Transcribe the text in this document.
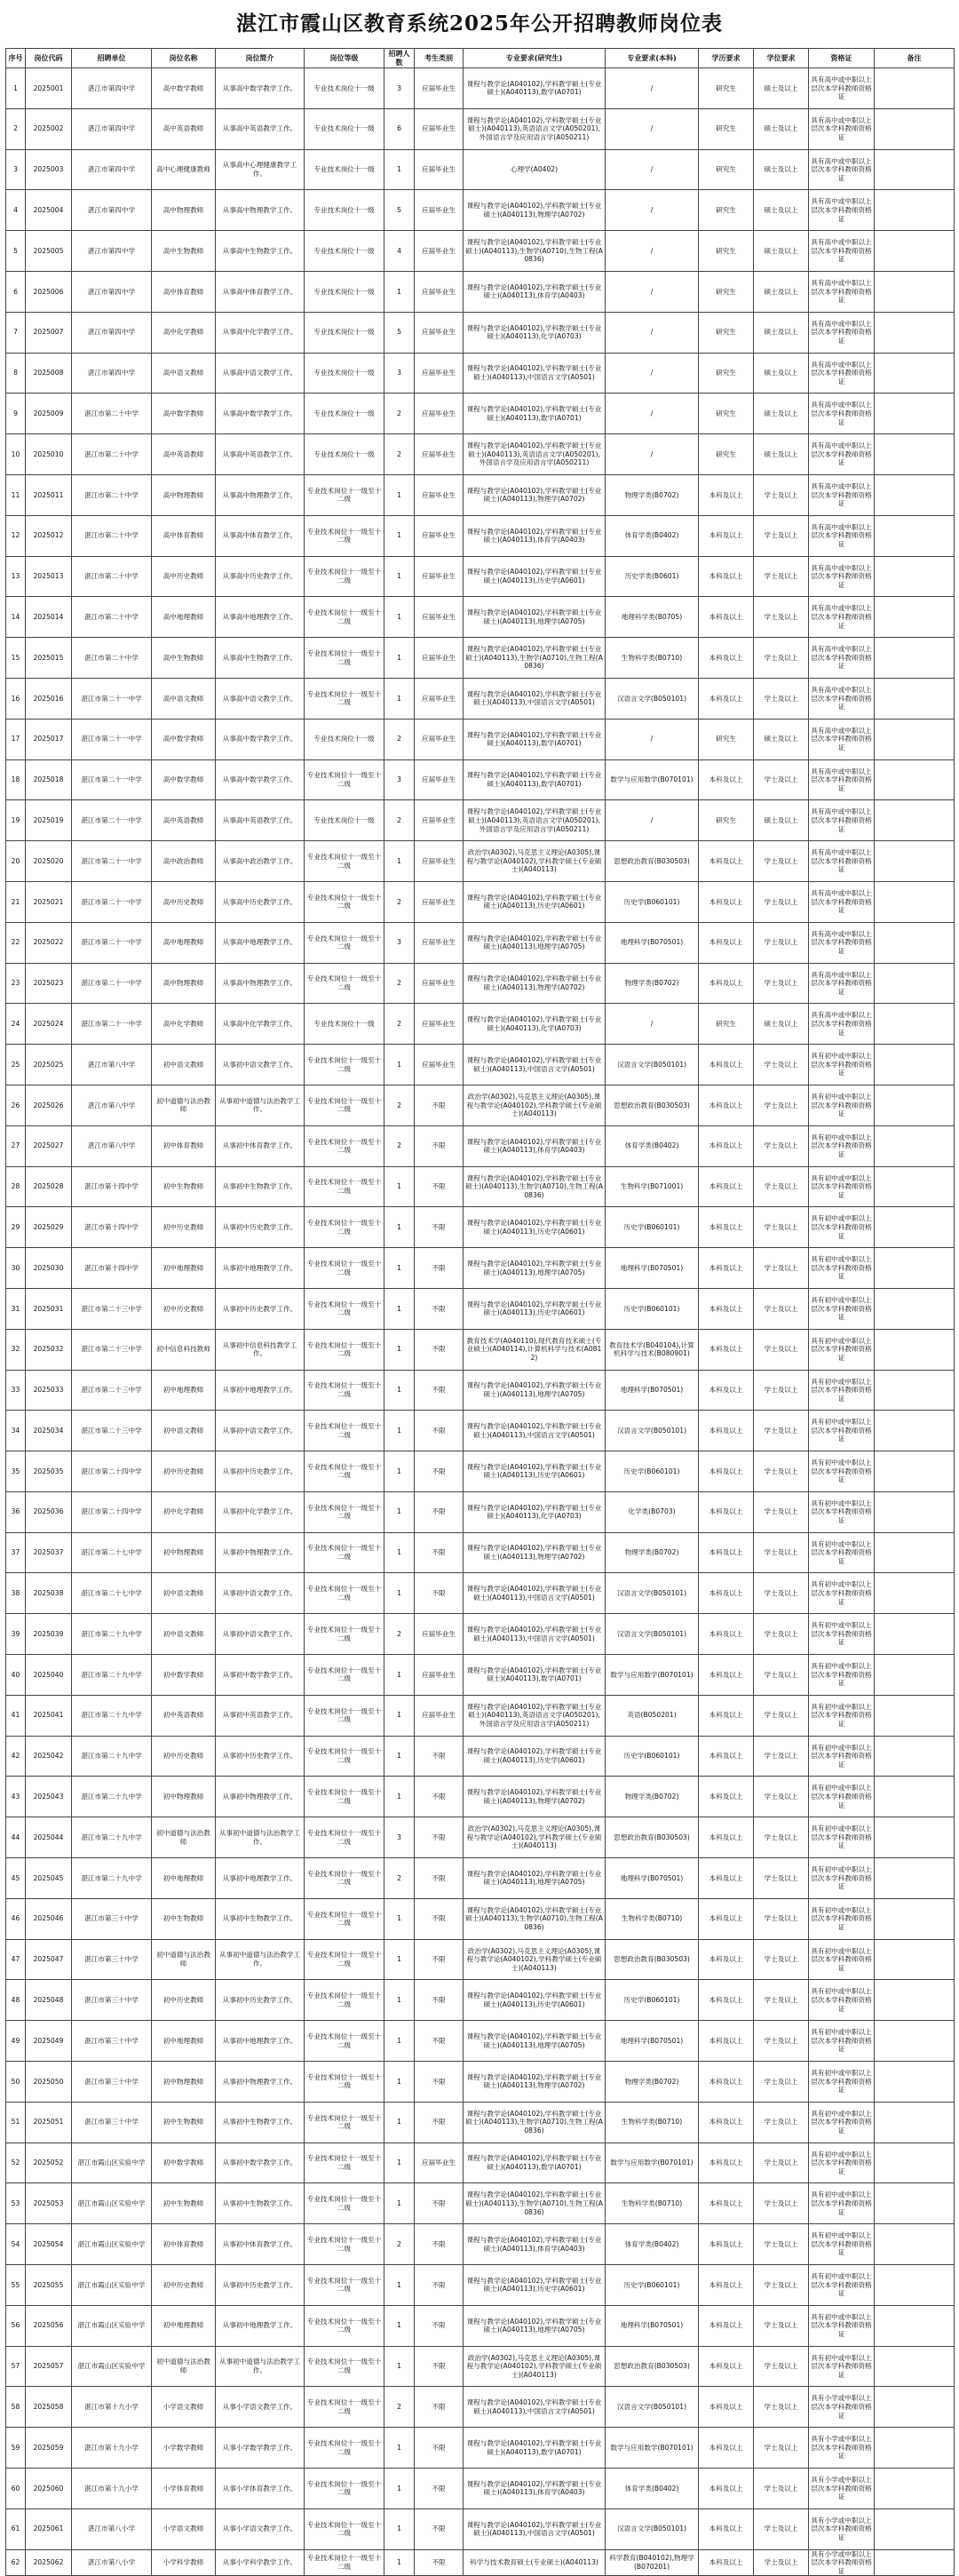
湛江市霞山区教育系统2025年公开招聘教师岗位表
序号	岗位代码	招聘单位	岗位名称	岗位简介	岗位等级	招聘人数	考生类别	专业要求(研究生)	专业要求(本科)	学历要求	学位要求	资格证	备注
1	2025001	湛江市第四中学	高中数学教师	从事高中数学教学工作。	专业技术岗位十一级	3	应届毕业生	课程与教学论(A040102),学科教学硕士(专业硕士)(A040113),数学(A0701)	/	研究生	硕士及以上	具有高中或中职以上层次本学科教师资格证	
2	2025002	湛江市第四中学	高中英语教师	从事高中英语教学工作。	专业技术岗位十一级	6	应届毕业生	课程与教学论(A040102),学科教学硕士(专业硕士)(A040113),英语语言文学(A050201),外国语言学及应用语言学(A050211)	/	研究生	硕士及以上	具有高中或中职以上层次本学科教师资格证	
3	2025003	湛江市第四中学	高中心理健康教师	从事高中心理健康教学工作。	专业技术岗位十一级	1	应届毕业生	心理学(A0402)	/	研究生	硕士及以上	具有高中或中职以上层次本学科教师资格证	
4	2025004	湛江市第四中学	高中物理教师	从事高中物理教学工作。	专业技术岗位十一级	5	应届毕业生	课程与教学论(A040102),学科教学硕士(专业硕士)(A040113),物理学(A0702)	/	研究生	硕士及以上	具有高中或中职以上层次本学科教师资格证	
5	2025005	湛江市第四中学	高中生物教师	从事高中生物教学工作。	专业技术岗位十一级	4	应届毕业生	课程与教学论(A040102),学科教学硕士(专业硕士)(A040113),生物学(A0710),生物工程(A0836)	/	研究生	硕士及以上	具有高中或中职以上层次本学科教师资格证	
6	2025006	湛江市第四中学	高中体育教师	从事高中体育教学工作。	专业技术岗位十一级	1	应届毕业生	课程与教学论(A040102),学科教学硕士(专业硕士)(A040113),体育学(A0403)	/	研究生	硕士及以上	具有高中或中职以上层次本学科教师资格证	
7	2025007	湛江市第四中学	高中化学教师	从事高中化学教学工作。	专业技术岗位十一级	5	应届毕业生	课程与教学论(A040102),学科教学硕士(专业硕士)(A040113),化学(A0703)	/	研究生	硕士及以上	具有高中或中职以上层次本学科教师资格证	
8	2025008	湛江市第四中学	高中语文教师	从事高中语文教学工作。	专业技术岗位十一级	3	应届毕业生	课程与教学论(A040102),学科教学硕士(专业硕士)(A040113),中国语言文学(A0501)	/	研究生	硕士及以上	具有高中或中职以上层次本学科教师资格证	
9	2025009	湛江市第二十中学	高中数学教师	从事高中数学教学工作。	专业技术岗位十一级	2	应届毕业生	课程与教学论(A040102),学科教学硕士(专业硕士)(A040113),数学(A0701)	/	研究生	硕士及以上	具有高中或中职以上层次本学科教师资格证	
10	2025010	湛江市第二十中学	高中英语教师	从事高中英语教学工作。	专业技术岗位十一级	2	应届毕业生	课程与教学论(A040102),学科教学硕士(专业硕士)(A040113),英语语言文学(A050201),外国语言学及应用语言学(A050211)	/	研究生	硕士及以上	具有高中或中职以上层次本学科教师资格证	
11	2025011	湛江市第二十中学	高中物理教师	从事高中物理教学工作。	专业技术岗位十一级至十二级	1	应届毕业生	课程与教学论(A040102),学科教学硕士(专业硕士)(A040113),物理学(A0702)	物理学类(B0702)	本科及以上	学士及以上	具有高中或中职以上层次本学科教师资格证	
12	2025012	湛江市第二十中学	高中体育教师	从事高中体育教学工作。	专业技术岗位十一级至十二级	1	应届毕业生	课程与教学论(A040102),学科教学硕士(专业硕士)(A040113),体育学(A0403)	体育学类(B0402)	本科及以上	学士及以上	具有高中或中职以上层次本学科教师资格证	
13	2025013	湛江市第二十中学	高中历史教师	从事高中历史教学工作。	专业技术岗位十一级至十二级	1	应届毕业生	课程与教学论(A040102),学科教学硕士(专业硕士)(A040113),历史学(A0601)	历史学类(B0601)	本科及以上	学士及以上	具有高中或中职以上层次本学科教师资格证	
14	2025014	湛江市第二十中学	高中地理教师	从事高中地理教学工作。	专业技术岗位十一级至十二级	1	应届毕业生	课程与教学论(A040102),学科教学硕士(专业硕士)(A040113),地理学(A0705)	地理科学类(B0705)	本科及以上	学士及以上	具有高中或中职以上层次本学科教师资格证	
15	2025015	湛江市第二十中学	高中生物教师	从事高中生物教学工作。	专业技术岗位十一级至十二级	1	应届毕业生	课程与教学论(A040102),学科教学硕士(专业硕士)(A040113),生物学(A0710),生物工程(A0836)	生物科学类(B0710)	本科及以上	学士及以上	具有高中或中职以上层次本学科教师资格证	
16	2025016	湛江市第二十一中学	高中语文教师	从事高中语文教学工作。	专业技术岗位十一级至十二级	1	应届毕业生	课程与教学论(A040102),学科教学硕士(专业硕士)(A040113),中国语言文学(A0501)	汉语言文学(B050101)	本科及以上	学士及以上	具有高中或中职以上层次本学科教师资格证	
17	2025017	湛江市第二十一中学	高中数学教师	从事高中数学教学工作。	专业技术岗位十一级	2	应届毕业生	课程与教学论(A040102),学科教学硕士(专业硕士)(A040113),数学(A0701)	/	研究生	硕士及以上	具有高中或中职以上层次本学科教师资格证	
18	2025018	湛江市第二十一中学	高中数学教师	从事高中数学教学工作。	专业技术岗位十一级至十二级	3	应届毕业生	课程与教学论(A040102),学科教学硕士(专业硕士)(A040113),数学(A0701)	数学与应用数学(B070101)	本科及以上	学士及以上	具有高中或中职以上层次本学科教师资格证	
19	2025019	湛江市第二十一中学	高中英语教师	从事高中英语教学工作。	专业技术岗位十一级	2	应届毕业生	课程与教学论(A040102),学科教学硕士(专业硕士)(A040113),英语语言文学(A050201),外国语言学及应用语言学(A050211)	/	研究生	硕士及以上	具有高中或中职以上层次本学科教师资格证	
20	2025020	湛江市第二十一中学	高中政治教师	从事高中政治教学工作。	专业技术岗位十一级至十二级	1	应届毕业生	政治学(A0302),马克思主义理论(A0305),课程与教学论(A040102),学科教学硕士(专业硕士)(A040113)	思想政治教育(B030503)	本科及以上	学士及以上	具有高中或中职以上层次本学科教师资格证	
21	2025021	湛江市第二十一中学	高中历史教师	从事高中历史教学工作。	专业技术岗位十一级至十二级	2	应届毕业生	课程与教学论(A040102),学科教学硕士(专业硕士)(A040113),历史学(A0601)	历史学(B060101)	本科及以上	学士及以上	具有高中或中职以上层次本学科教师资格证	
22	2025022	湛江市第二十一中学	高中地理教师	从事高中地理教学工作。	专业技术岗位十一级至十二级	3	应届毕业生	课程与教学论(A040102),学科教学硕士(专业硕士)(A040113),地理学(A0705)	地理科学(B070501)	本科及以上	学士及以上	具有高中或中职以上层次本学科教师资格证	
23	2025023	湛江市第二十一中学	高中物理教师	从事高中物理教学工作。	专业技术岗位十一级至十二级	2	应届毕业生	课程与教学论(A040102),学科教学硕士(专业硕士)(A040113),物理学(A0702)	物理学类(B0702)	本科及以上	学士及以上	具有高中或中职以上层次本学科教师资格证	
24	2025024	湛江市第二十一中学	高中化学教师	从事高中化学教学工作。	专业技术岗位十一级	2	应届毕业生	课程与教学论(A040102),学科教学硕士(专业硕士)(A040113),化学(A0703)	/	研究生	硕士及以上	具有高中或中职以上层次本学科教师资格证	
25	2025025	湛江市第八中学	初中语文教师	从事初中语文教学工作。	专业技术岗位十一级至十二级	1	应届毕业生	课程与教学论(A040102),学科教学硕士(专业硕士)(A040113),中国语言文学(A0501)	汉语言文学(B050101)	本科及以上	学士及以上	具有初中或中职以上层次本学科教师资格证	
26	2025026	湛江市第八中学	初中道德与法治教师	从事初中道德与法治教学工作。	专业技术岗位十一级至十二级	2	不限	政治学(A0302),马克思主义理论(A0305),课程与教学论(A040102),学科教学硕士(专业硕士)(A040113)	思想政治教育(B030503)	本科及以上	学士及以上	具有初中或中职以上层次本学科教师资格证	
27	2025027	湛江市第八中学	初中体育教师	从事初中体育教学工作。	专业技术岗位十一级至十二级	2	不限	课程与教学论(A040102),学科教学硕士(专业硕士)(A040113),体育学(A0403)	体育学类(B0402)	本科及以上	学士及以上	具有初中或中职以上层次本学科教师资格证	
28	2025028	湛江市第十四中学	初中生物教师	从事初中生物教学工作。	专业技术岗位十一级至十二级	1	不限	课程与教学论(A040102),学科教学硕士(专业硕士)(A040113),生物学(A0710),生物工程(A0836)	生物科学(B071001)	本科及以上	学士及以上	具有初中或中职以上层次本学科教师资格证	
29	2025029	湛江市第十四中学	初中历史教师	从事初中历史教学工作。	专业技术岗位十一级至十二级	1	不限	课程与教学论(A040102),学科教学硕士(专业硕士)(A040113),历史学(A0601)	历史学(B060101)	本科及以上	学士及以上	具有初中或中职以上层次本学科教师资格证	
30	2025030	湛江市第十四中学	初中地理教师	从事初中地理教学工作。	专业技术岗位十一级至十二级	1	不限	课程与教学论(A040102),学科教学硕士(专业硕士)(A040113),地理学(A0705)	地理科学(B070501)	本科及以上	学士及以上	具有初中或中职以上层次本学科教师资格证	
31	2025031	湛江市第二十三中学	初中历史教师	从事初中历史教学工作。	专业技术岗位十一级至十二级	1	不限	课程与教学论(A040102),学科教学硕士(专业硕士)(A040113),历史学(A0601)	历史学(B060101)	本科及以上	学士及以上	具有初中或中职以上层次本学科教师资格证	
32	2025032	湛江市第二十三中学	初中信息科技教师	从事初中信息科技教学工作。	专业技术岗位十一级至十二级	1	不限	教育技术学(A040110),现代教育技术硕士(专业硕士)(A040114),计算机科学与技术(A0812)	教育技术学(B040104),计算机科学与技术(B080901)	本科及以上	学士及以上	具有初中或中职以上层次本学科教师资格证	
33	2025033	湛江市第二十三中学	初中地理教师	从事初中地理教学工作。	专业技术岗位十一级至十二级	1	不限	课程与教学论(A040102),学科教学硕士(专业硕士)(A040113),地理学(A0705)	地理科学(B070501)	本科及以上	学士及以上	具有初中或中职以上层次本学科教师资格证	
34	2025034	湛江市第二十三中学	初中语文教师	从事初中语文教学工作。	专业技术岗位十一级至十二级	1	不限	课程与教学论(A040102),学科教学硕士(专业硕士)(A040113),中国语言文学(A0501)	汉语言文学(B050101)	本科及以上	学士及以上	具有初中或中职以上层次本学科教师资格证	
35	2025035	湛江市第二十四中学	初中历史教师	从事初中历史教学工作。	专业技术岗位十一级至十二级	1	不限	课程与教学论(A040102),学科教学硕士(专业硕士)(A040113),历史学(A0601)	历史学(B060101)	本科及以上	学士及以上	具有初中或中职以上层次本学科教师资格证	
36	2025036	湛江市第二十四中学	初中化学教师	从事初中化学教学工作。	专业技术岗位十一级至十二级	1	不限	课程与教学论(A040102),学科教学硕士(专业硕士)(A040113),化学(A0703)	化学类(B0703)	本科及以上	学士及以上	具有初中或中职以上层次本学科教师资格证	
37	2025037	湛江市第二十七中学	初中物理教师	从事初中物理教学工作。	专业技术岗位十一级至十二级	1	不限	课程与教学论(A040102),学科教学硕士(专业硕士)(A040113),物理学(A0702)	物理学类(B0702)	本科及以上	学士及以上	具有初中或中职以上层次本学科教师资格证	
38	2025038	湛江市第二十七中学	初中语文教师	从事初中语文教学工作。	专业技术岗位十一级至十二级	1	不限	课程与教学论(A040102),学科教学硕士(专业硕士)(A040113),中国语言文学(A0501)	汉语言文学(B050101)	本科及以上	学士及以上	具有初中或中职以上层次本学科教师资格证	
39	2025039	湛江市第二十九中学	初中语文教师	从事初中语文教学工作。	专业技术岗位十一级至十二级	2	应届毕业生	课程与教学论(A040102),学科教学硕士(专业硕士)(A040113),中国语言文学(A0501)	汉语言文学(B050101)	本科及以上	学士及以上	具有初中或中职以上层次本学科教师资格证	
40	2025040	湛江市第二十九中学	初中数学教师	从事初中数学教学工作。	专业技术岗位十一级至十二级	1	应届毕业生	课程与教学论(A040102),学科教学硕士(专业硕士)(A040113),数学(A0701)	数学与应用数学(B070101)	本科及以上	学士及以上	具有初中或中职以上层次本学科教师资格证	
41	2025041	湛江市第二十九中学	初中英语教师	从事初中英语教学工作。	专业技术岗位十一级至十二级	1	应届毕业生	课程与教学论(A040102),学科教学硕士(专业硕士)(A040113),英语语言文学(A050201),外国语言学及应用语言学(A050211)	英语(B050201)	本科及以上	学士及以上	具有初中或中职以上层次本学科教师资格证	
42	2025042	湛江市第二十九中学	初中历史教师	从事初中历史教学工作。	专业技术岗位十一级至十二级	1	不限	课程与教学论(A040102),学科教学硕士(专业硕士)(A040113),历史学(A0601)	历史学(B060101)	本科及以上	学士及以上	具有初中或中职以上层次本学科教师资格证	
43	2025043	湛江市第二十九中学	初中物理教师	从事初中物理教学工作。	专业技术岗位十一级至十二级	1	不限	课程与教学论(A040102),学科教学硕士(专业硕士)(A040113),物理学(A0702)	物理学类(B0702)	本科及以上	学士及以上	具有初中或中职以上层次本学科教师资格证	
44	2025044	湛江市第二十九中学	初中道德与法治教师	从事初中道德与法治教学工作。	专业技术岗位十一级至十二级	3	不限	政治学(A0302),马克思主义理论(A0305),课程与教学论(A040102),学科教学硕士(专业硕士)(A040113)	思想政治教育(B030503)	本科及以上	学士及以上	具有初中或中职以上层次本学科教师资格证	
45	2025045	湛江市第二十九中学	初中地理教师	从事初中地理教学工作。	专业技术岗位十一级至十二级	2	不限	课程与教学论(A040102),学科教学硕士(专业硕士)(A040113),地理学(A0705)	地理科学(B070501)	本科及以上	学士及以上	具有初中或中职以上层次本学科教师资格证	
46	2025046	湛江市第三十中学	初中生物教师	从事初中生物教学工作。	专业技术岗位十一级至十二级	1	不限	课程与教学论(A040102),学科教学硕士(专业硕士)(A040113),生物学(A0710),生物工程(A0836)	生物科学类(B0710)	本科及以上	学士及以上	具有初中或中职以上层次本学科教师资格证	
47	2025047	湛江市第三十中学	初中道德与法治教师	从事初中道德与法治教学工作。	专业技术岗位十一级至十二级	1	不限	政治学(A0302),马克思主义理论(A0305),课程与教学论(A040102),学科教学硕士(专业硕士)(A040113)	思想政治教育(B030503)	本科及以上	学士及以上	具有初中或中职以上层次本学科教师资格证	
48	2025048	湛江市第三十中学	初中历史教师	从事初中历史教学工作。	专业技术岗位十一级至十二级	1	不限	课程与教学论(A040102),学科教学硕士(专业硕士)(A040113),历史学(A0601)	历史学(B060101)	本科及以上	学士及以上	具有初中或中职以上层次本学科教师资格证	
49	2025049	湛江市第三十中学	初中地理教师	从事初中地理教学工作。	专业技术岗位十一级至十二级	1	不限	课程与教学论(A040102),学科教学硕士(专业硕士)(A040113),地理学(A0705)	地理科学(B070501)	本科及以上	学士及以上	具有初中或中职以上层次本学科教师资格证	
50	2025050	湛江市第三十中学	初中物理教师	从事初中物理教学工作。	专业技术岗位十一级至十二级	1	不限	课程与教学论(A040102),学科教学硕士(专业硕士)(A040113),物理学(A0702)	物理学类(B0702)	本科及以上	学士及以上	具有初中或中职以上层次本学科教师资格证	
51	2025051	湛江市第三十中学	初中生物教师	从事初中生物教学工作。	专业技术岗位十一级至十二级	1	不限	课程与教学论(A040102),学科教学硕士(专业硕士)(A040113),生物学(A0710),生物工程(A0836)	生物科学类(B0710)	本科及以上	学士及以上	具有初中或中职以上层次本学科教师资格证	
52	2025052	湛江市霞山区实验中学	初中数学教师	从事初中数学教学工作。	专业技术岗位十一级至十二级	1	应届毕业生	课程与教学论(A040102),学科教学硕士(专业硕士)(A040113),数学(A0701)	数学与应用数学(B070101)	本科及以上	学士及以上	具有初中或中职以上层次本学科教师资格证	
53	2025053	湛江市霞山区实验中学	初中生物教师	从事初中生物教学工作。	专业技术岗位十一级至十二级	1	不限	课程与教学论(A040102),学科教学硕士(专业硕士)(A040113),生物学(A0710),生物工程(A0836)	生物科学类(B0710)	本科及以上	学士及以上	具有初中或中职以上层次本学科教师资格证	
54	2025054	湛江市霞山区实验中学	初中体育教师	从事初中体育教学工作。	专业技术岗位十一级至十二级	2	不限	课程与教学论(A040102),学科教学硕士(专业硕士)(A040113),体育学(A0403)	体育学类(B0402)	本科及以上	学士及以上	具有初中或中职以上层次本学科教师资格证	
55	2025055	湛江市霞山区实验中学	初中历史教师	从事初中历史教学工作。	专业技术岗位十一级至十二级	1	不限	课程与教学论(A040102),学科教学硕士(专业硕士)(A040113),历史学(A0601)	历史学(B060101)	本科及以上	学士及以上	具有初中或中职以上层次本学科教师资格证	
56	2025056	湛江市霞山区实验中学	初中地理教师	从事初中地理教学工作。	专业技术岗位十一级至十二级	1	不限	课程与教学论(A040102),学科教学硕士(专业硕士)(A040113),地理学(A0705)	地理科学(B070501)	本科及以上	学士及以上	具有初中或中职以上层次本学科教师资格证	
57	2025057	湛江市霞山区实验中学	初中道德与法治教师	从事初中道德与法治教学工作。	专业技术岗位十一级至十二级	1	不限	政治学(A0302),马克思主义理论(A0305),课程与教学论(A040102),学科教学硕士(专业硕士)(A040113)	思想政治教育(B030503)	本科及以上	学士及以上	具有初中或中职以上层次本学科教师资格证	
58	2025058	湛江市第十九小学	小学语文教师	从事小学语文教学工作。	专业技术岗位十一级至十二级	2	不限	课程与教学论(A040102),学科教学硕士(专业硕士)(A040113),中国语言文学(A0501)	汉语言文学(B050101)	本科及以上	学士及以上	具有小学或中职以上层次本学科教师资格证	
59	2025059	湛江市第十九小学	小学数学教师	从事小学数学教学工作。	专业技术岗位十一级至十二级	1	不限	课程与教学论(A040102),学科教学硕士(专业硕士)(A040113),数学(A0701)	数学与应用数学(B070101)	本科及以上	学士及以上	具有小学或中职以上层次本学科教师资格证	
60	2025060	湛江市第十九小学	小学体育教师	从事小学体育教学工作。	专业技术岗位十一级至十二级	1	不限	课程与教学论(A040102),学科教学硕士(专业硕士)(A040113),体育学(A0403)	体育学类(B0402)	本科及以上	学士及以上	具有小学或中职以上层次本学科教师资格证	
61	2025061	湛江市第八小学	小学语文教师	从事小学语文教学工作。	专业技术岗位十一级至十二级	1	不限	课程与教学论(A040102),学科教学硕士(专业硕士)(A040113),中国语言文学(A0501)	汉语言文学(B050101)	本科及以上	学士及以上	具有小学或中职以上层次本学科教师资格证	
62	2025062	湛江市第八小学	小学科学教师	从事小学科学教学工作。	专业技术岗位十一级至十二级	1	不限	科学与技术教育硕士(专业硕士)(A040113)	科学教育(B040102),物理学(B070201)	本科及以上	学士及以上	具有小学或中职以上层次本学科教师资格证	
